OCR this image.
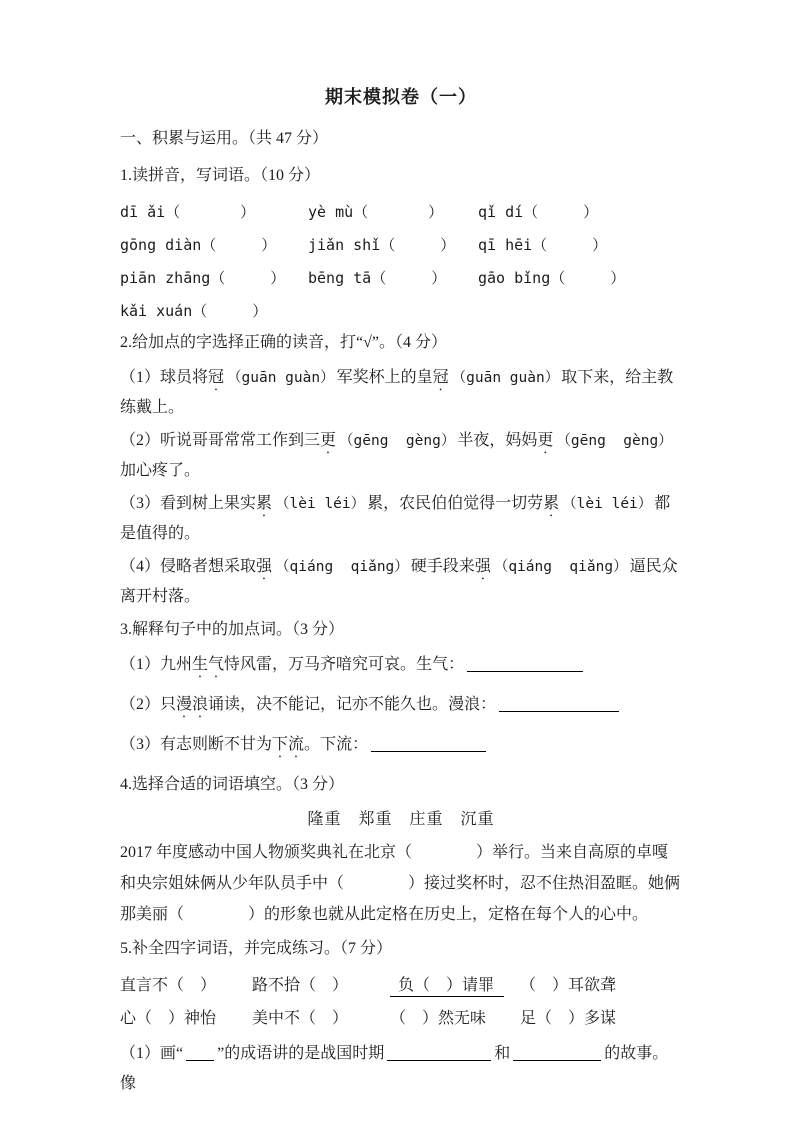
期末模拟卷（一）

一、积累与运用。（共 47 分）

1.读拼音，写词语。（10 分）

dī ǎi（　　　　）	yè mù（　　　　）	qǐ dí（　　　）
gōng diàn（　　　）	jiǎn shǐ（　　　）	qī hēi（　　　）
piān zhāng（　　　）	bēng tā（　　　）	gāo bǐng（　　　）
kǎi xuán（　　　）

2.给加点的字选择正确的读音，打“√”。（4 分）

（1）球员将冠 （guān guàn） 军奖杯上的皇冠 （guān guàn） 取下来，给主教练戴上。

（2）听说哥哥常常工作到三更 （gēng  gèng） 半夜，妈妈更 （gēng  gèng）加心疼了。

（3）看到树上果实累 （lèi léi） 累，农民伯伯觉得一切劳累 （lèi léi） 都是值得的。

（4）侵略者想采取强 （qiáng  qiǎng） 硬手段来强 （qiáng  qiǎng） 逼民众离开村落。

3.解释句子中的加点词。（3 分）

（1）九州生气恃风雷，万马齐喑究可哀。生气：

（2）只漫浪诵读，决不能记，记亦不能久也。漫浪：

（3）有志则断不甘为下流。下流：

4.选择合适的词语填空。（3 分）

隆重　郑重　庄重　沉重

2017 年度感动中国人物颁奖典礼在北京（　　　　）举行。当来自高原的卓嘎和央宗姐妹俩从少年队员手中（　　　　）接过奖杯时，忍不住热泪盈眶。她俩那美丽（　　　　）的形象也就从此定格在历史上，定格在每个人的心中。

5.补全四字词语，并完成练习。（7 分）

直言不（　）	路不拾（　）	负（　）请罪	（　）耳欲聋
心（　）神怡	美中不（　）	（　）然无味	足（　）多谋

（1）画“ ”的成语讲的是战国时期	和	的故事。像
